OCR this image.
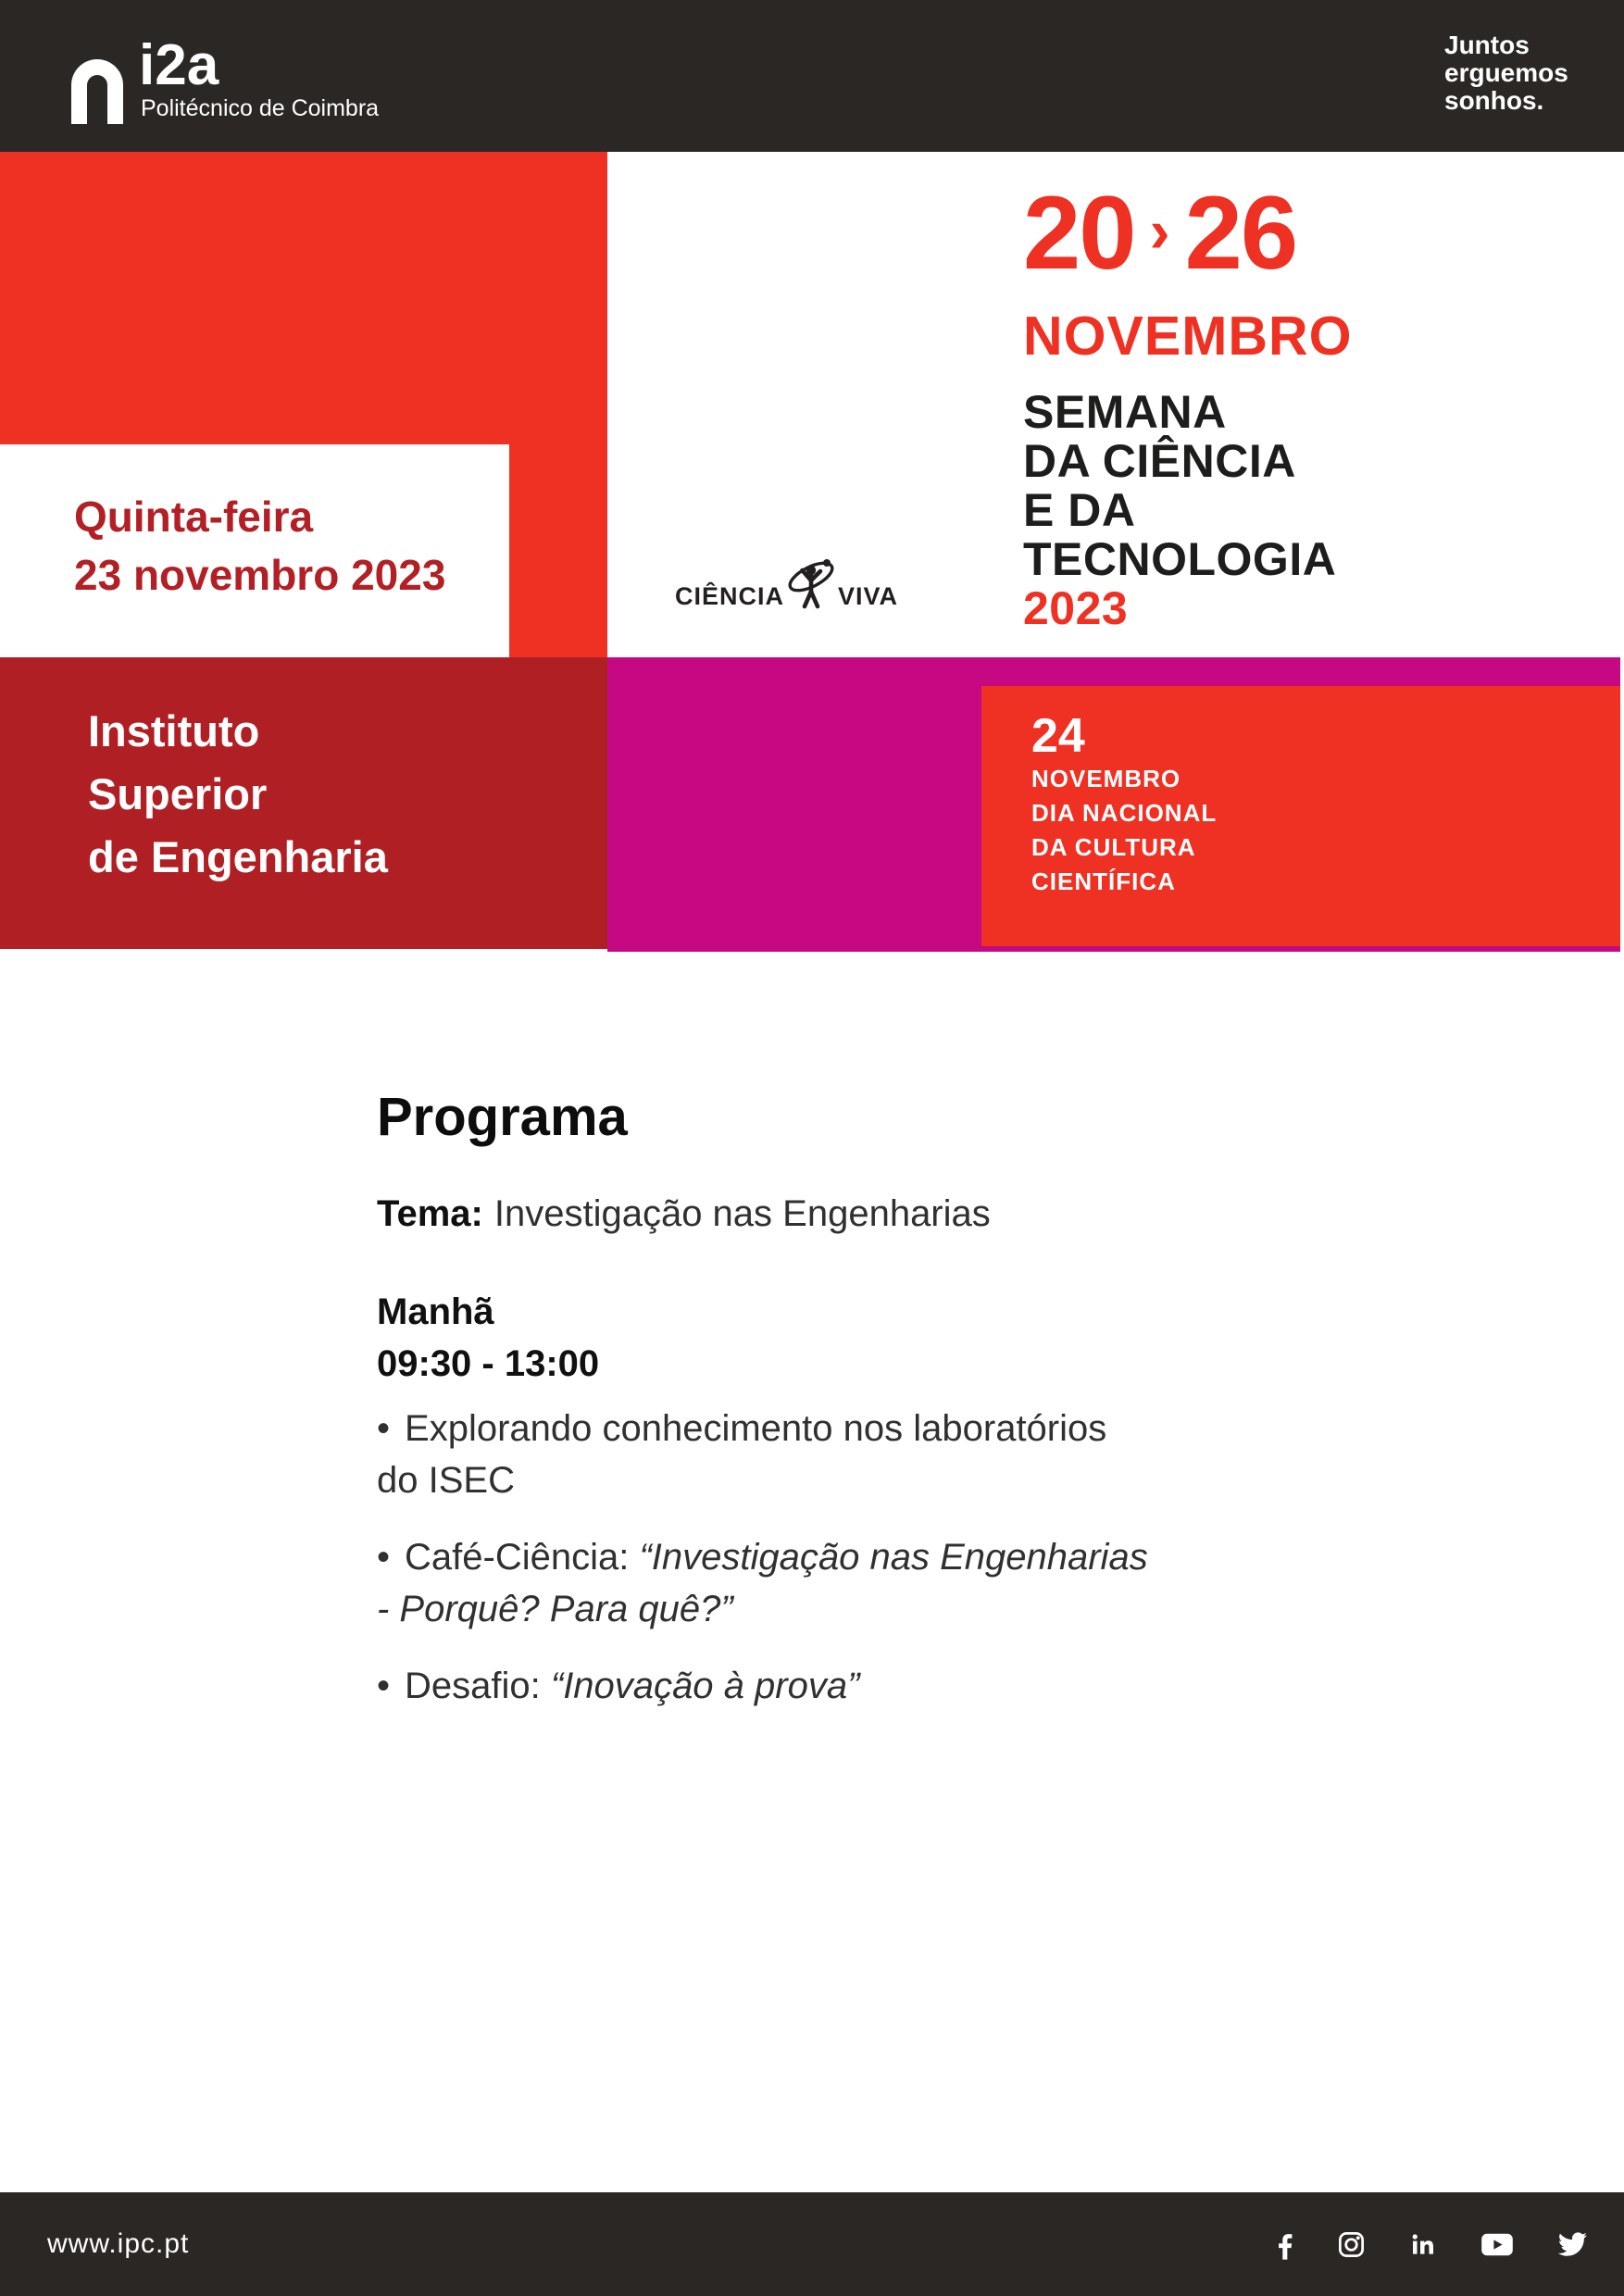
i2a
Politécnico de Coimbra
Juntos
erguemos
sonhos.
Quinta-feira
23 novembro 2023
20 › 26
NOVEMBRO
SEMANA
DA CIÊNCIA
E DA
TECNOLOGIA
2023
CIÊNCIA VIVA
Instituto
Superior
de Engenharia
24
NOVEMBRO
DIA NACIONAL
DA CULTURA
CIENTÍFICA
Programa
Tema: Investigação nas Engenharias
Manhã
09:30 - 13:00
• Explorando conhecimento nos laboratórios
do ISEC
• Café-Ciência: “Investigação nas Engenharias
- Porquê? Para quê?”
• Desafio: “Inovação à prova”
www.ipc.pt
